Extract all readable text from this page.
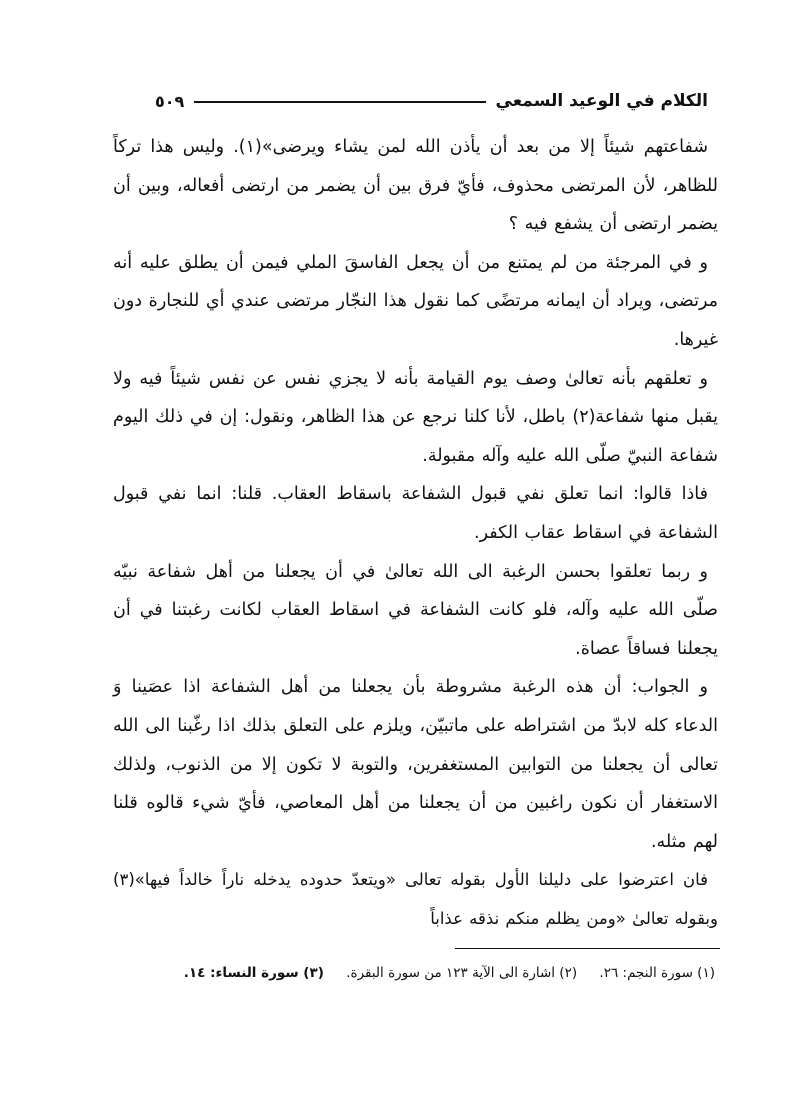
الكلام في الوعيد السمعي
٥٠٩

شفاعتهم شيئاً إلا من بعد أن يأذن الله لمن يشاء ويرضى»(١). وليس هذا تركاً للظاهر، لأن المرتضى محذوف، فأيّ فرق بين أن يضمر من ارتضى أفعاله، وبين أن يضمر ارتضى أن يشفع فيه ؟

و في المرجئة من لم يمتنع من أن يجعل الفاسقَ الملي فيمن أن يطلق عليه أنه مرتضى، ويراد أن ايمانه مرتضًى كما نقول هذا النجّار مرتضى عندي أي للنجارة دون غيرها.

و تعلقهم بأنه تعالىٰ وصف يوم القيامة بأنه لا يجزي نفس عن نفس شيئاً فيه ولا يقبل منها شفاعة(٢) باطل، لأنا كلنا نرجع عن هذا الظاهر، ونقول: إن في ذلك اليوم شفاعة النبيّ صلّى الله عليه وآله مقبولة.

فاذا قالوا: انما تعلق نفي قبول الشفاعة باسقاط العقاب. قلنا: انما نفي قبول الشفاعة في اسقاط عقاب الكفر.

و ربما تعلقوا بحسن الرغبة الى الله تعالىٰ في أن يجعلنا من أهل شفاعة نبيّه صلّى الله عليه وآله، فلو كانت الشفاعة في اسقاط العقاب لكانت رغبتنا في أن يجعلنا فساقاً عصاة.

و الجواب: أن هذه الرغبة مشروطة بأن يجعلنا من أهل الشفاعة اذا عصَينا وَ الدعاء كله لابدّ من اشتراطه على ماتبيّن، ويلزم على التعلق بذلك اذا رغّبنا الى الله تعالى أن يجعلنا من التوابين المستغفرين، والتوبة لا تكون إلا من الذنوب، ولذلك الاستغفار أن نكون راغبين من أن يجعلنا من أهل المعاصي، فأيّ شيء قالوه قلنا لهم مثله.

فان اعترضوا على دليلنا الأول بقوله تعالى «ويتعدّ حدوده يدخله ناراً خالداً فيها»(٣) وبقوله تعالىٰ «ومن يظلم منكم نذقه عذاباً

(١) سورة النجم: ٢٦. (٢) اشارة الى الآية ١٢٣ من سورة البقرة. (٣) سورة النساء: ١٤.
